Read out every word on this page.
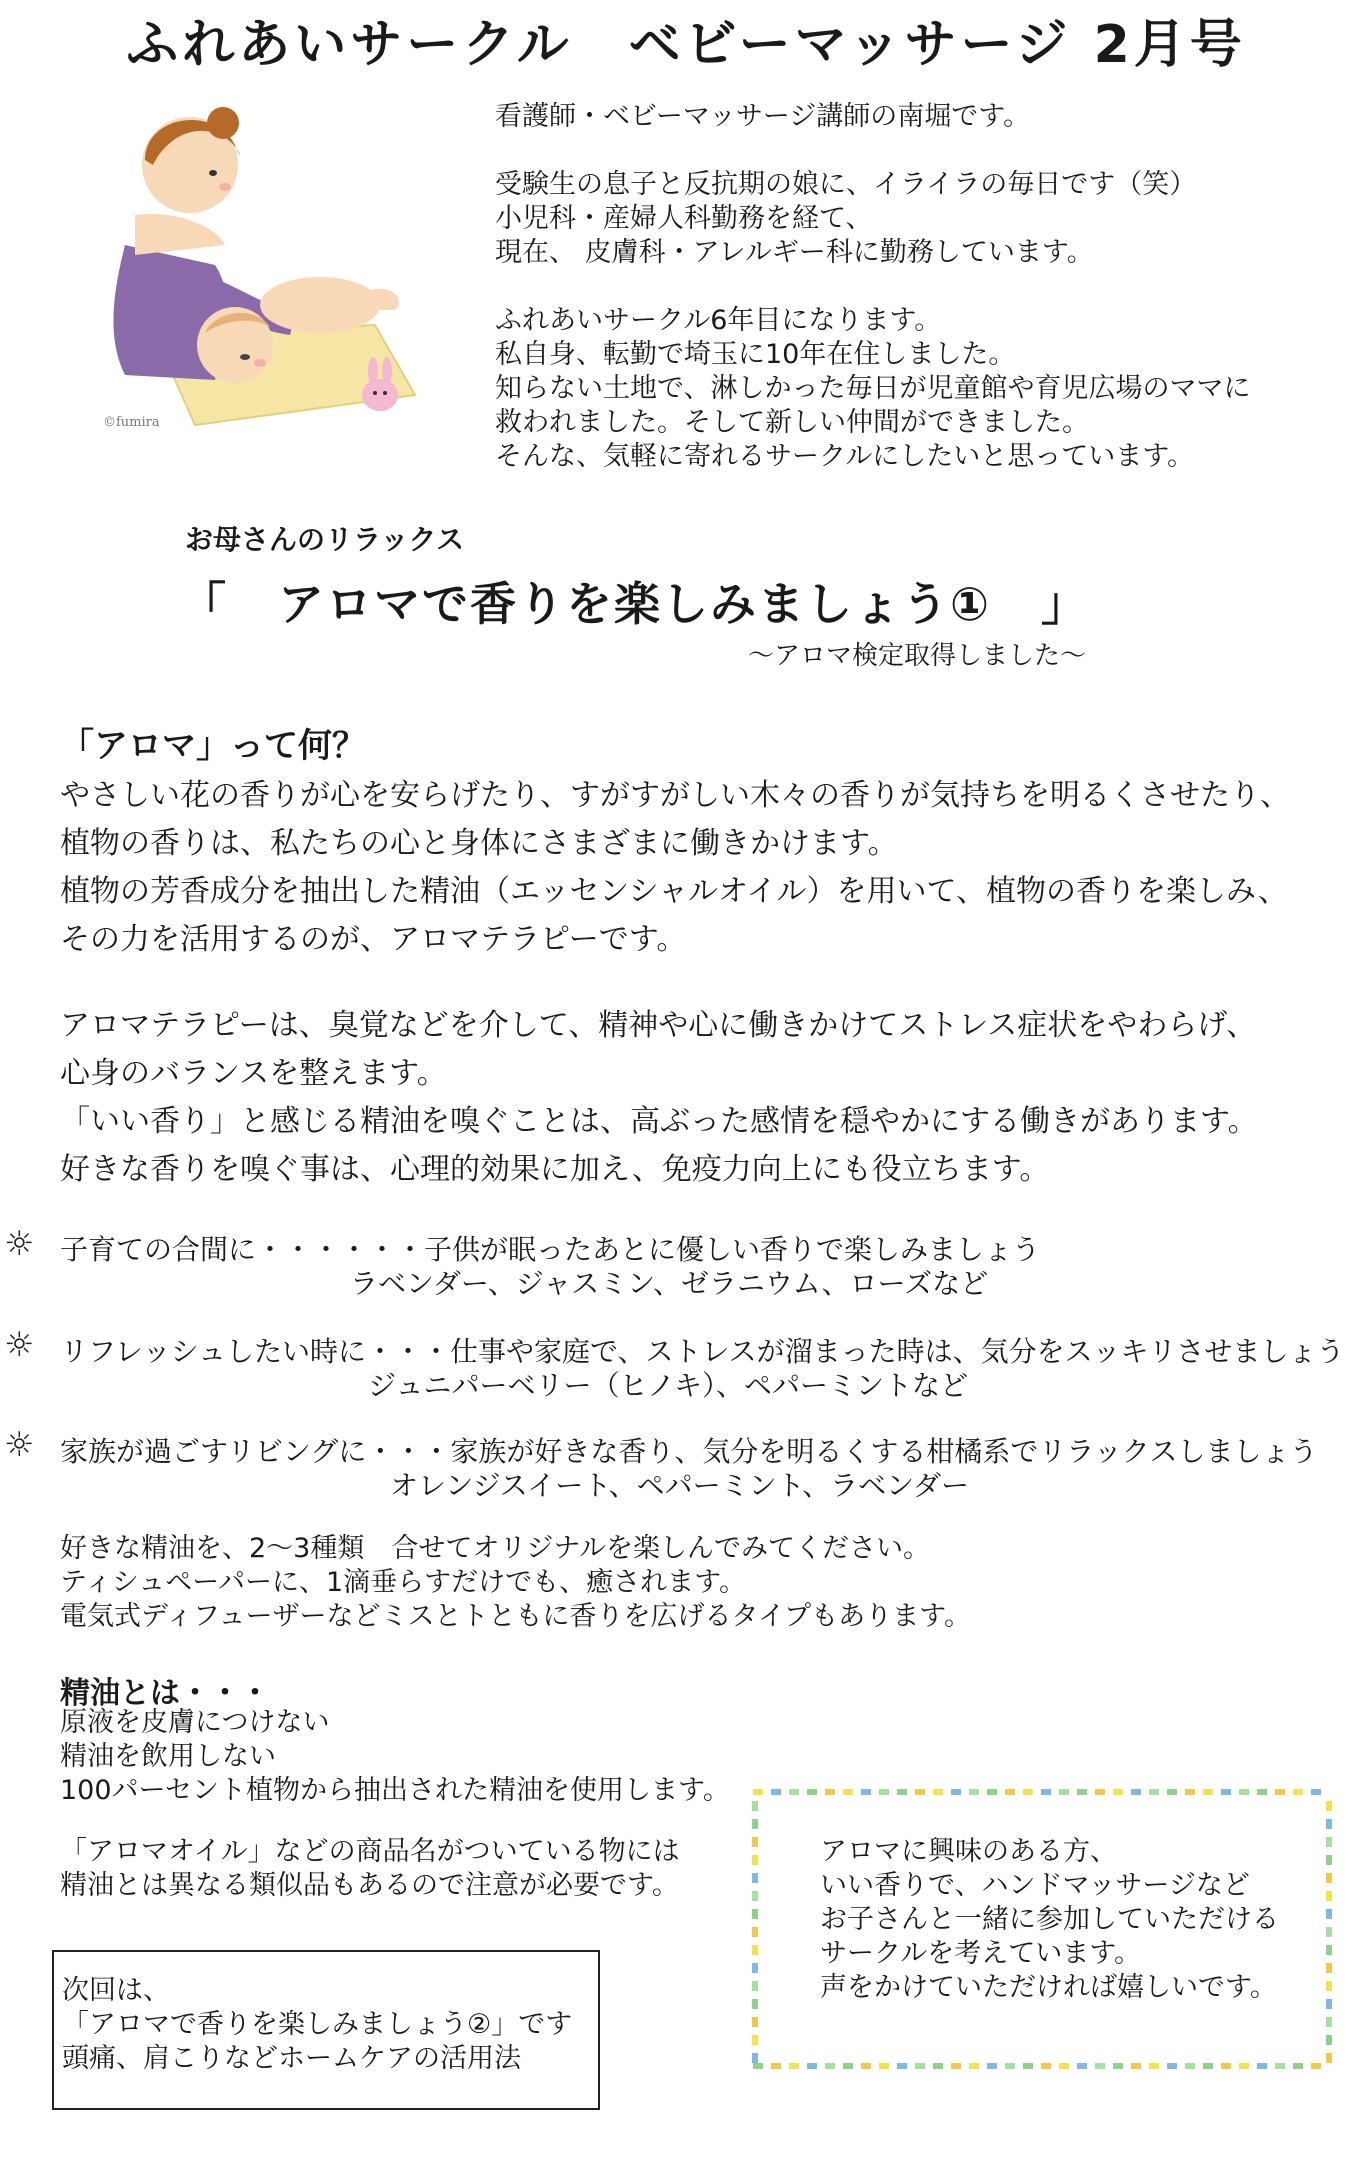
ふれあいサークル　ベビーマッサージ 2月号
©fumira

看護師・ベビーマッサージ講師の南堀です。

受験生の息子と反抗期の娘に、イライラの毎日です（笑）

小児科・産婦人科勤務を経て、

現在、 皮膚科・アレルギー科に勤務しています。

ふれあいサークル6年目になります。

私自身、転勤で埼玉に10年在住しました。

知らない土地で、淋しかった毎日が児童館や育児広場のママに

救われました。そして新しい仲間ができました。

そんな、気軽に寄れるサークルにしたいと思っています。

お母さんのリラックス
「 アロマで香りを楽しみましょう① 」
～アロマ検定取得しました～
「アロマ」って何？

やさしい花の香りが心を安らげたり、すがすがしい木々の香りが気持ちを明るくさせたり、

植物の香りは、私たちの心と身体にさまざまに働きかけます。

植物の芳香成分を抽出した精油（エッセンシャルオイル）を用いて、植物の香りを楽しみ、

その力を活用するのが、アロマテラピーです。

アロマテラピーは、臭覚などを介して、精神や心に働きかけてストレス症状をやわらげ、

心身のバランスを整えます。

「いい香り」と感じる精油を嗅ぐことは、高ぶった感情を穏やかにする働きがあります。

好きな香りを嗅ぐ事は、心理的効果に加え、免疫力向上にも役立ちます。

☼ 子育ての合間に・・・・・・子供が眠ったあとに優しい香りで楽しみましょう
ラベンダー、ジャスミン、ゼラニウム、ローズなど
☼ リフレッシュしたい時に・・・仕事や家庭で、ストレスが溜まった時は、気分をスッキリさせましょう
ジュニパーベリー（ヒノキ）、ペパーミントなど
☼ 家族が過ごすリビングに・・・家族が好きな香り、気分を明るくする柑橘系でリラックスしましょう
オレンジスイート、ペパーミント、ラベンダー

好きな精油を、2～3種類　合せてオリジナルを楽しんでみてください。

ティシュペーパーに、1滴垂らすだけでも、癒されます。

電気式ディフューザーなどミスとトともに香りを広げるタイプもあります。

精油とは・・・

原液を皮膚につけない

精油を飲用しない

100パーセント植物から抽出された精油を使用します。

「アロマオイル」などの商品名がついている物には

精油とは異なる類似品もあるので注意が必要です。

次回は、

「アロマで香りを楽しみましょう②」です

頭痛、肩こりなどホームケアの活用法

アロマに興味のある方、

いい香りで、ハンドマッサージなど

お子さんと一緒に参加していただける

サークルを考えています。

声をかけていただければ嬉しいです。
